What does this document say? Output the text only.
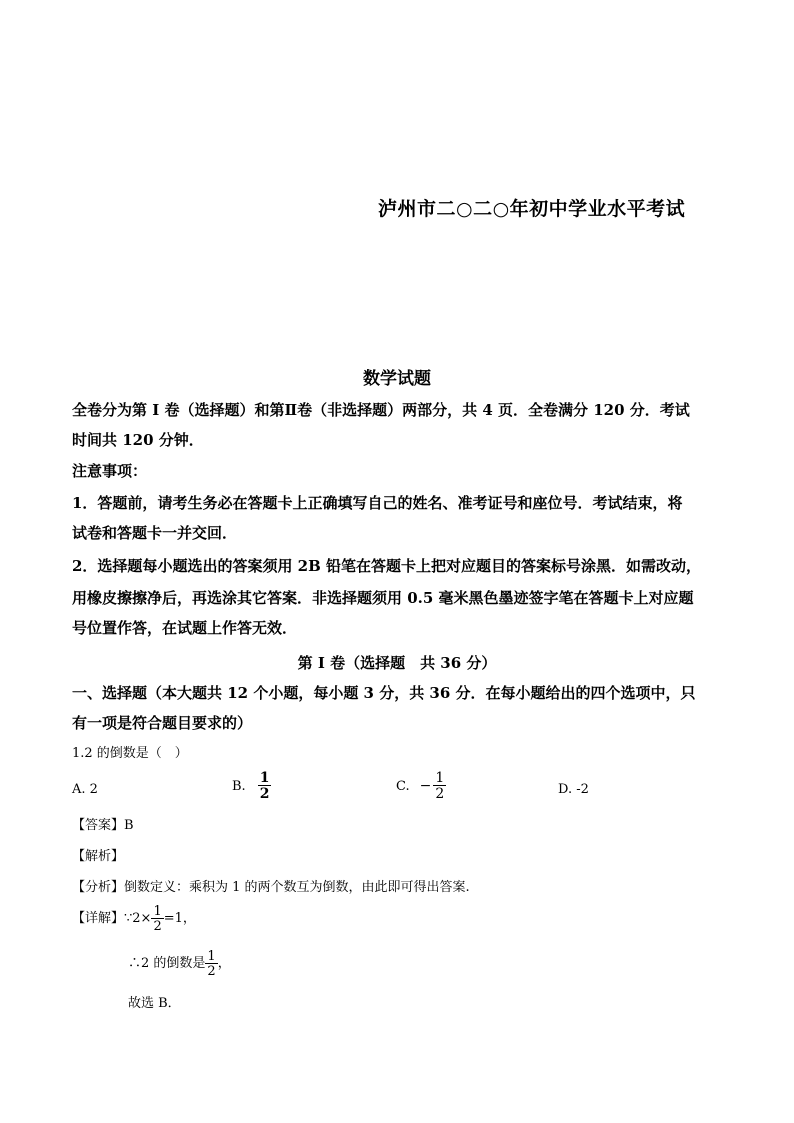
泸州市二○二○年初中学业水平考试
数学试题
全卷分为第 I 卷（选择题）和第Ⅱ卷（非选择题）两部分，共 4 页．全卷满分 120 分．考试
时间共 120 分钟．
注意事项：
1．答题前，请考生务必在答题卡上正确填写自己的姓名、准考证号和座位号．考试结束，将
试卷和答题卡一并交回．
2．选择题每小题选出的答案须用 2B 铅笔在答题卡上把对应题目的答案标号涂黑．如需改动，
用橡皮擦擦净后，再选涂其它答案．非选择题须用 0.5 毫米黑色墨迹签字笔在答题卡上对应题
号位置作答，在试题上作答无效．
第 I 卷（选择题　共 36 分）
一、选择题（本大题共 12 个小题，每小题 3 分，共 36 分．在每小题给出的四个选项中，只
有一项是符合题目要求的）
1.2 的倒数是（　）
A. 2	B. $\frac{1}{2}$	C. − $\frac{1}{2}$	D. -2
【答案】B
【解析】
【分析】倒数定义：乘积为 1 的两个数互为倒数，由此即可得出答案.
【详解】 ∵2× $\frac{1}{2} =1$，
∴2 的倒数是 $\frac{1}{2}$ ，
故选 B．
